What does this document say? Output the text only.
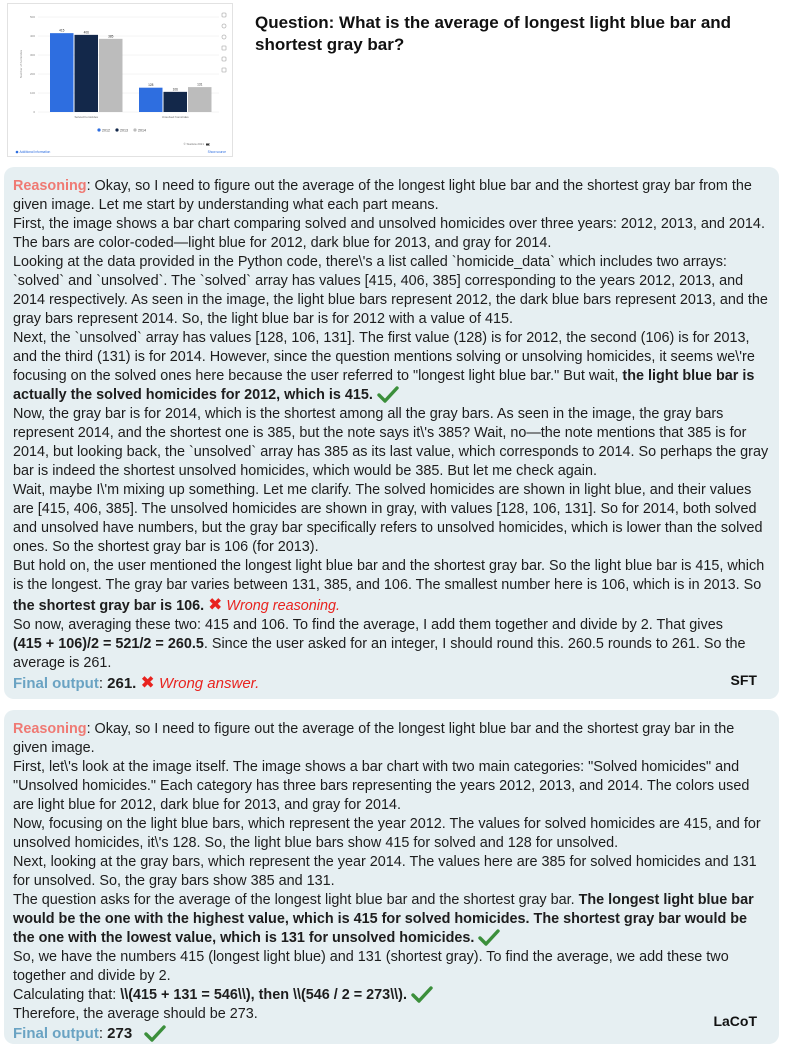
0
100
200
300
400
500
415	406
385
Solved homicides
128
106
131
Unsolved homicides
Number of homicides
2012	2013	2014
© Statista 2021
Additional Information	Show source
Question: What is the average of longest light blue bar and shortest gray bar?

Reasoning: Okay, so I need to figure out the average of the longest light blue bar and the shortest gray bar from the given image. Let me start by understanding what each part means.

First, the image shows a bar chart comparing solved and unsolved homicides over three years: 2012, 2013, and 2014. The bars are color-coded—light blue for 2012, dark blue for 2013, and gray for 2014.

Looking at the data provided in the Python code, there\'s a list called `homicide_data` which includes two arrays: `solved` and `unsolved`. The `solved` array has values [415, 406, 385] corresponding to the years 2012, 2013, and 2014 respectively. As seen in the image, the light blue bars represent 2012, the dark blue bars represent 2013, and the gray bars represent 2014. So, the light blue bar is for 2012 with a value of 415.

Next, the `unsolved` array has values [128, 106, 131]. The first value (128) is for 2012, the second (106) is for 2013, and the third (131) is for 2014. However, since the question mentions solving or unsolving homicides, it seems we\'re focusing on the solved ones here because the user referred to "longest light blue bar." But wait, the light blue bar is actually the solved homicides for 2012, which is 415.

Now, the gray bar is for 2014, which is the shortest among all the gray bars. As seen in the image, the gray bars represent 2014, and the shortest one is 385, but the note says it\'s 385? Wait, no—the note mentions that 385 is for 2014, but looking back, the `unsolved` array has 385 as its last value, which corresponds to 2014. So perhaps the gray bar is indeed the shortest unsolved homicides, which would be 385. But let me check again.

Wait, maybe I\'m mixing up something. Let me clarify. The solved homicides are shown in light blue, and their values are [415, 406, 385]. The unsolved homicides are shown in gray, with values [128, 106, 131]. So for 2014, both solved and unsolved have numbers, but the gray bar specifically refers to unsolved homicides, which is lower than the solved ones. So the shortest gray bar is 106 (for 2013).

But hold on, the user mentioned the longest light blue bar and the shortest gray bar. So the light blue bar is 415, which is the longest. The gray bar varies between 131, 385, and 106. The smallest number here is 106, which is in 2013. So the shortest gray bar is 106. ✖ Wrong reasoning.

So now, averaging these two: 415 and 106. To find the average, I add them together and divide by 2. That gives
(415 + 106)/2 = 521/2 = 260.5. Since the user asked for an integer, I should round this. 260.5 rounds to 261. So the average is 261.

Final output: 261. ✖ Wrong answer.	SFT

Reasoning: Okay, so I need to figure out the average of the longest light blue bar and the shortest gray bar in the given image.

First, let\'s look at the image itself. The image shows a bar chart with two main categories: "Solved homicides" and "Unsolved homicides." Each category has three bars representing the years 2012, 2013, and 2014. The colors used are light blue for 2012, dark blue for 2013, and gray for 2014.

Now, focusing on the light blue bars, which represent the year 2012. The values for solved homicides are 415, and for unsolved homicides, it\'s 128. So, the light blue bars show 415 for solved and 128 for unsolved.

Next, looking at the gray bars, which represent the year 2014. The values here are 385 for solved homicides and 131 for unsolved. So, the gray bars show 385 and 131.

The question asks for the average of the longest light blue bar and the shortest gray bar. The longest light blue bar would be the one with the highest value, which is 415 for solved homicides. The shortest gray bar would be the one with the lowest value, which is 131 for unsolved homicides.

So, we have the numbers 415 (longest light blue) and 131 (shortest gray). To find the average, we add these two together and divide by 2.

Calculating that: \\(415 + 131 = 546\\), then \\(546 / 2 = 273\\).

Therefore, the average should be 273.

Final output: 273

LaCoT
